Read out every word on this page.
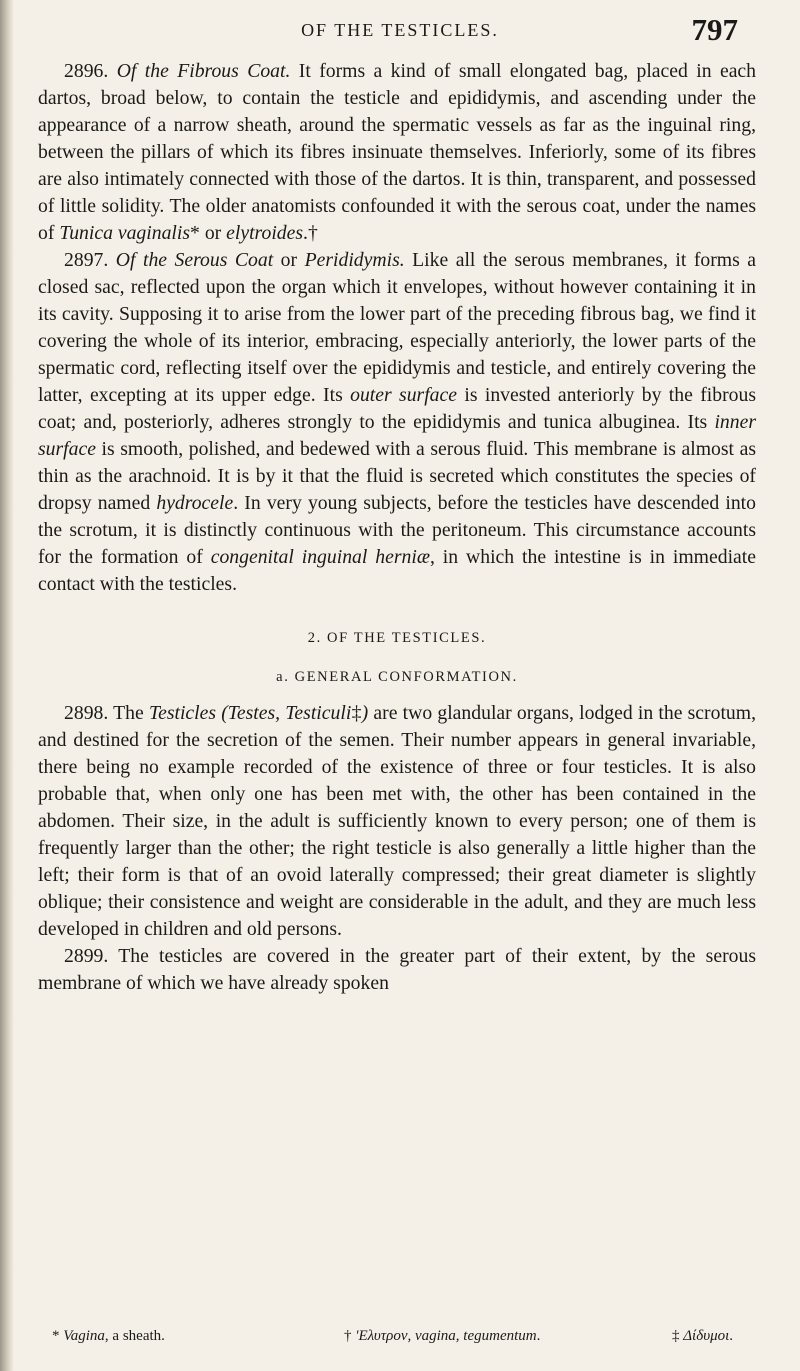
OF THE TESTICLES.	797

2896. Of the Fibrous Coat. It forms a kind of small elongated bag, placed in each dartos, broad below, to contain the testicle and epididymis, and ascending under the appearance of a narrow sheath, around the spermatic vessels as far as the inguinal ring, between the pillars of which its fibres insinuate themselves. Inferiorly, some of its fibres are also intimately connected with those of the dartos. It is thin, transparent, and possessed of little solidity. The older anatomists confounded it with the serous coat, under the names of Tunica vaginalis* or elytroides.†

2897. Of the Serous Coat or Perididymis. Like all the serous membranes, it forms a closed sac, reflected upon the organ which it envelopes, without however containing it in its cavity. Supposing it to arise from the lower part of the preceding fibrous bag, we find it covering the whole of its interior, embracing, especially anteriorly, the lower parts of the spermatic cord, reflecting itself over the epididymis and testicle, and entirely covering the latter, excepting at its upper edge. Its outer surface is invested anteriorly by the fibrous coat; and, posteriorly, adheres strongly to the epididymis and tunica albuginea. Its inner surface is smooth, polished, and bedewed with a serous fluid. This membrane is almost as thin as the arachnoid. It is by it that the fluid is secreted which constitutes the species of dropsy named hydrocele. In very young subjects, before the testicles have descended into the scrotum, it is distinctly continuous with the peritoneum. This circumstance accounts for the formation of congenital inguinal herniæ, in which the intestine is in immediate contact with the testicles.

2. OF THE TESTICLES.

a. GENERAL CONFORMATION.

2898. The Testicles (Testes, Testiculi‡) are two glandular organs, lodged in the scrotum, and destined for the secretion of the semen. Their number appears in general invariable, there being no example recorded of the existence of three or four testicles. It is also probable that, when only one has been met with, the other has been contained in the abdomen. Their size, in the adult is sufficiently known to every person; one of them is frequently larger than the other; the right testicle is also generally a little higher than the left; their form is that of an ovoid laterally compressed; their great diameter is slightly oblique; their consistence and weight are considerable in the adult, and they are much less developed in children and old persons.

2899. The testicles are covered in the greater part of their extent, by the serous membrane of which we have already spoken

* Vagina, a sheath.	† 'Ελυτρον, vagina, tegumentum.	‡ Δίδυμοι.
